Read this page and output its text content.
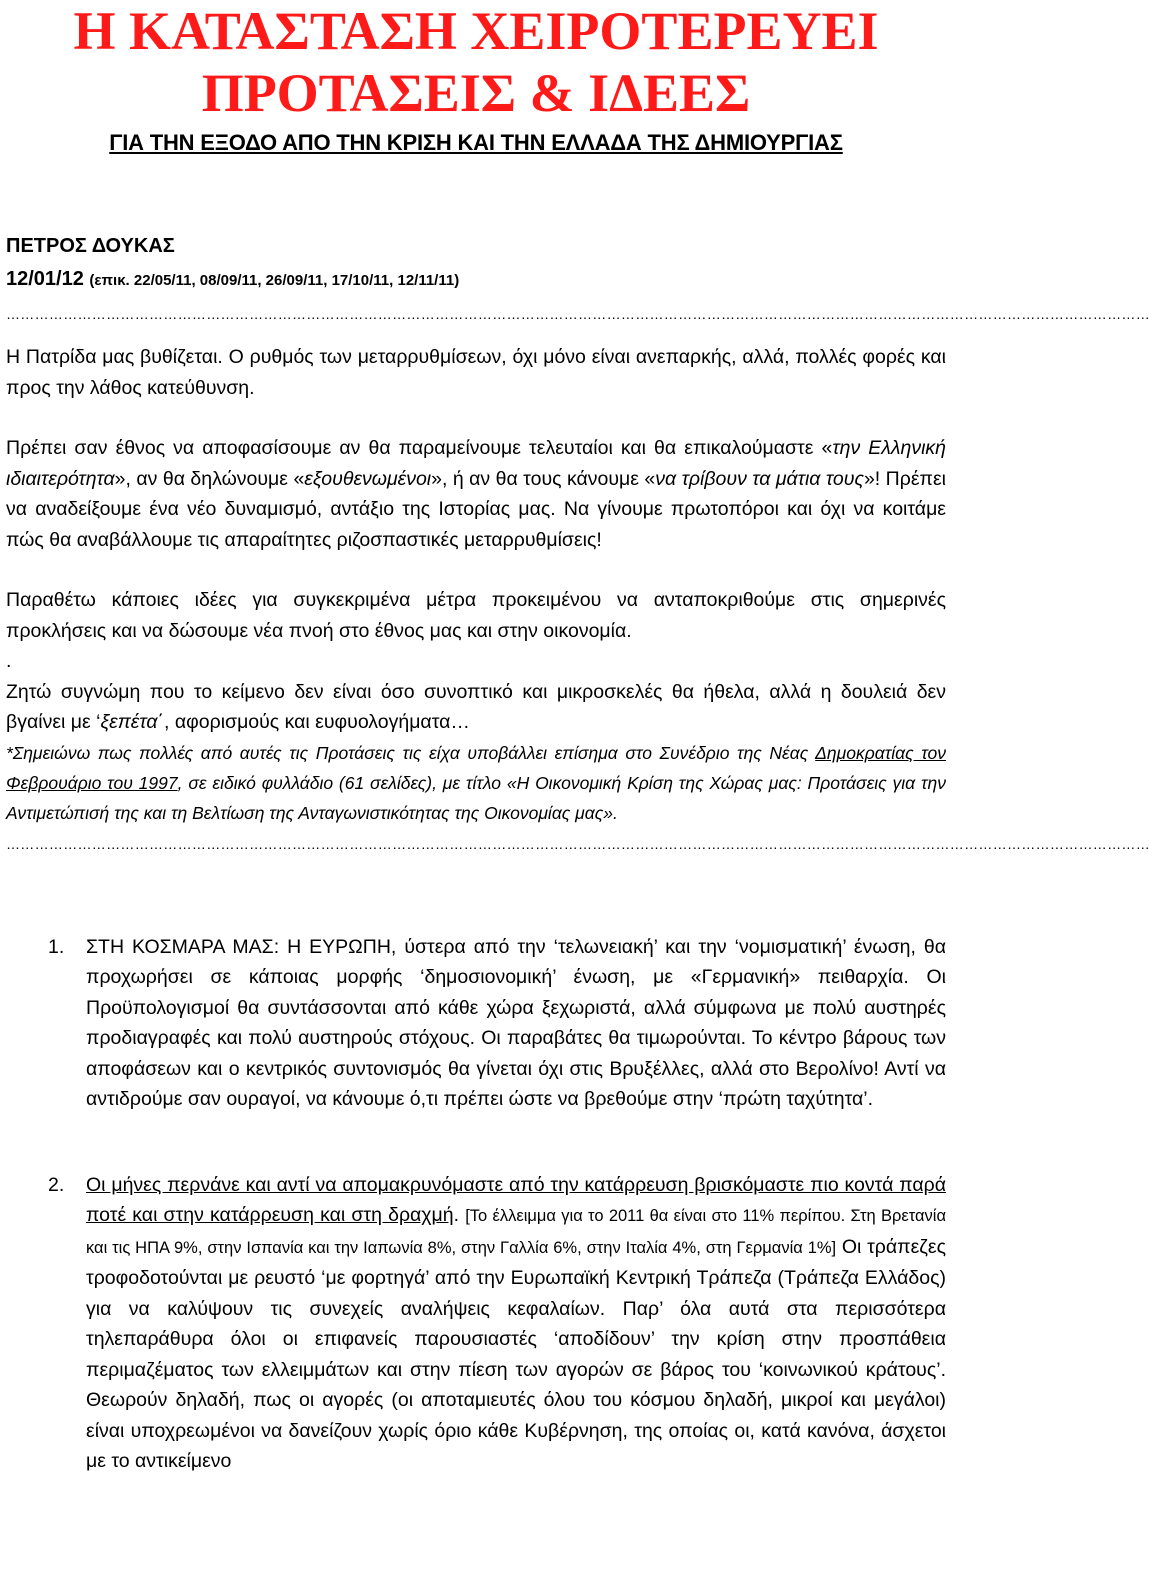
Η ΚΑΤΑΣΤΑΣΗ ΧΕΙΡΟΤΕΡΕΥΕΙ
ΠΡΟΤΑΣΕΙΣ & ΙΔΕΕΣ
ΓΙΑ ΤΗΝ ΕΞΟΔΟ ΑΠΟ ΤΗΝ ΚΡΙΣΗ ΚΑΙ ΤΗΝ ΕΛΛΑΔΑ ΤΗΣ ΔΗΜΙΟΥΡΓΙΑΣ
ΠΕΤΡΟΣ ΔΟΥΚΑΣ
12/01/12 (επικ. 22/05/11, 08/09/11, 26/09/11, 17/10/11, 12/11/11)
……………………………………………………………………………………………………………………………………………………………………………………………………………………

Η Πατρίδα μας βυθίζεται. Ο ρυθμός των μεταρρυθμίσεων, όχι μόνο είναι ανεπαρκής, αλλά, πολλές φορές και προς την λάθος κατεύθυνση.

Πρέπει σαν έθνος να αποφασίσουμε αν θα παραμείνουμε τελευταίοι και θα επικαλούμαστε «την Ελληνική ιδιαιτερότητα», αν θα δηλώνουμε «εξουθενωμένοι», ή αν θα τους κάνουμε «να τρίβουν τα μάτια τους»! Πρέπει να αναδείξουμε ένα νέο δυναμισμό, αντάξιο της Ιστορίας μας. Να γίνουμε πρωτοπόροι και όχι να κοιτάμε πώς θα αναβάλλουμε τις απαραίτητες ριζοσπαστικές μεταρρυθμίσεις!

Παραθέτω κάποιες ιδέες για συγκεκριμένα μέτρα προκειμένου να ανταποκριθούμε στις σημερινές προκλήσεις και να δώσουμε νέα πνοή στο έθνος μας και στην οικονομία.

.

Ζητώ συγνώμη που το κείμενο δεν είναι όσο συνοπτικό και μικροσκελές θα ήθελα, αλλά η δουλειά δεν βγαίνει με ‘ξεπέτα΄, αφορισμούς και ευφυολογήματα…

*Σημειώνω πως πολλές από αυτές τις Προτάσεις τις είχα υποβάλλει επίσημα στο Συνέδριο της Νέας Δημοκρατίας τον Φεβρουάριο του 1997, σε ειδικό φυλλάδιο (61 σελίδες), με τίτλο «Η Οικονομική Κρίση της Χώρας μας: Προτάσεις για την Αντιμετώπισή της και τη Βελτίωση της Ανταγωνιστικότητας της Οικονομίας μας».

……………………………………………………………………………………………………………………………………………………………………………………………………………………
1. ΣΤΗ ΚΟΣΜΑΡΑ ΜΑΣ: Η ΕΥΡΩΠΗ, ύστερα από την ‘τελωνειακή’ και την ‘νομισματική’ ένωση, θα προχωρήσει σε κάποιας μορφής ‘δημοσιονομική’ ένωση, με «Γερμανική» πειθαρχία. Οι Προϋπολογισμοί θα συντάσσονται από κάθε χώρα ξεχωριστά, αλλά σύμφωνα με πολύ αυστηρές προδιαγραφές και πολύ αυστηρούς στόχους. Οι παραβάτες θα τιμωρούνται. Το κέντρο βάρους των αποφάσεων και ο κεντρικός συντονισμός θα γίνεται όχι στις Βρυξέλλες, αλλά στο Βερολίνο! Αντί να αντιδρούμε σαν ουραγοί, να κάνουμε ό,τι πρέπει ώστε να βρεθούμε στην ‘πρώτη ταχύτητα’.

2. Οι μήνες περνάνε και αντί να απομακρυνόμαστε από την κατάρρευση βρισκόμαστε πιο κοντά παρά ποτέ και στην κατάρρευση και στη δραχμή. [Το έλλειμμα για το 2011 θα είναι στο 11% περίπου. Στη Βρετανία και τις ΗΠΑ 9%, στην Ισπανία και την Ιαπωνία 8%, στην Γαλλία 6%, στην Ιταλία 4%, στη Γερμανία 1%] Οι τράπεζες τροφοδοτούνται με ρευστό ‘με φορτηγά’ από την Ευρωπαϊκή Κεντρική Τράπεζα (Τράπεζα Ελλάδος) για να καλύψουν τις συνεχείς αναλήψεις κεφαλαίων. Παρ’ όλα αυτά στα περισσότερα τηλεπαράθυρα όλοι οι επιφανείς παρουσιαστές ‘αποδίδουν’ την κρίση στην προσπάθεια περιμαζέματος των ελλειμμάτων και στην πίεση των αγορών σε βάρος του ‘κοινωνικού κράτους’. Θεωρούν δηλαδή, πως οι αγορές (οι αποταμιευτές όλου του κόσμου δηλαδή, μικροί και μεγάλοι) είναι υποχρεωμένοι να δανείζουν χωρίς όριο κάθε Κυβέρνηση, της οποίας οι, κατά κανόνα, άσχετοι με το αντικείμενο
